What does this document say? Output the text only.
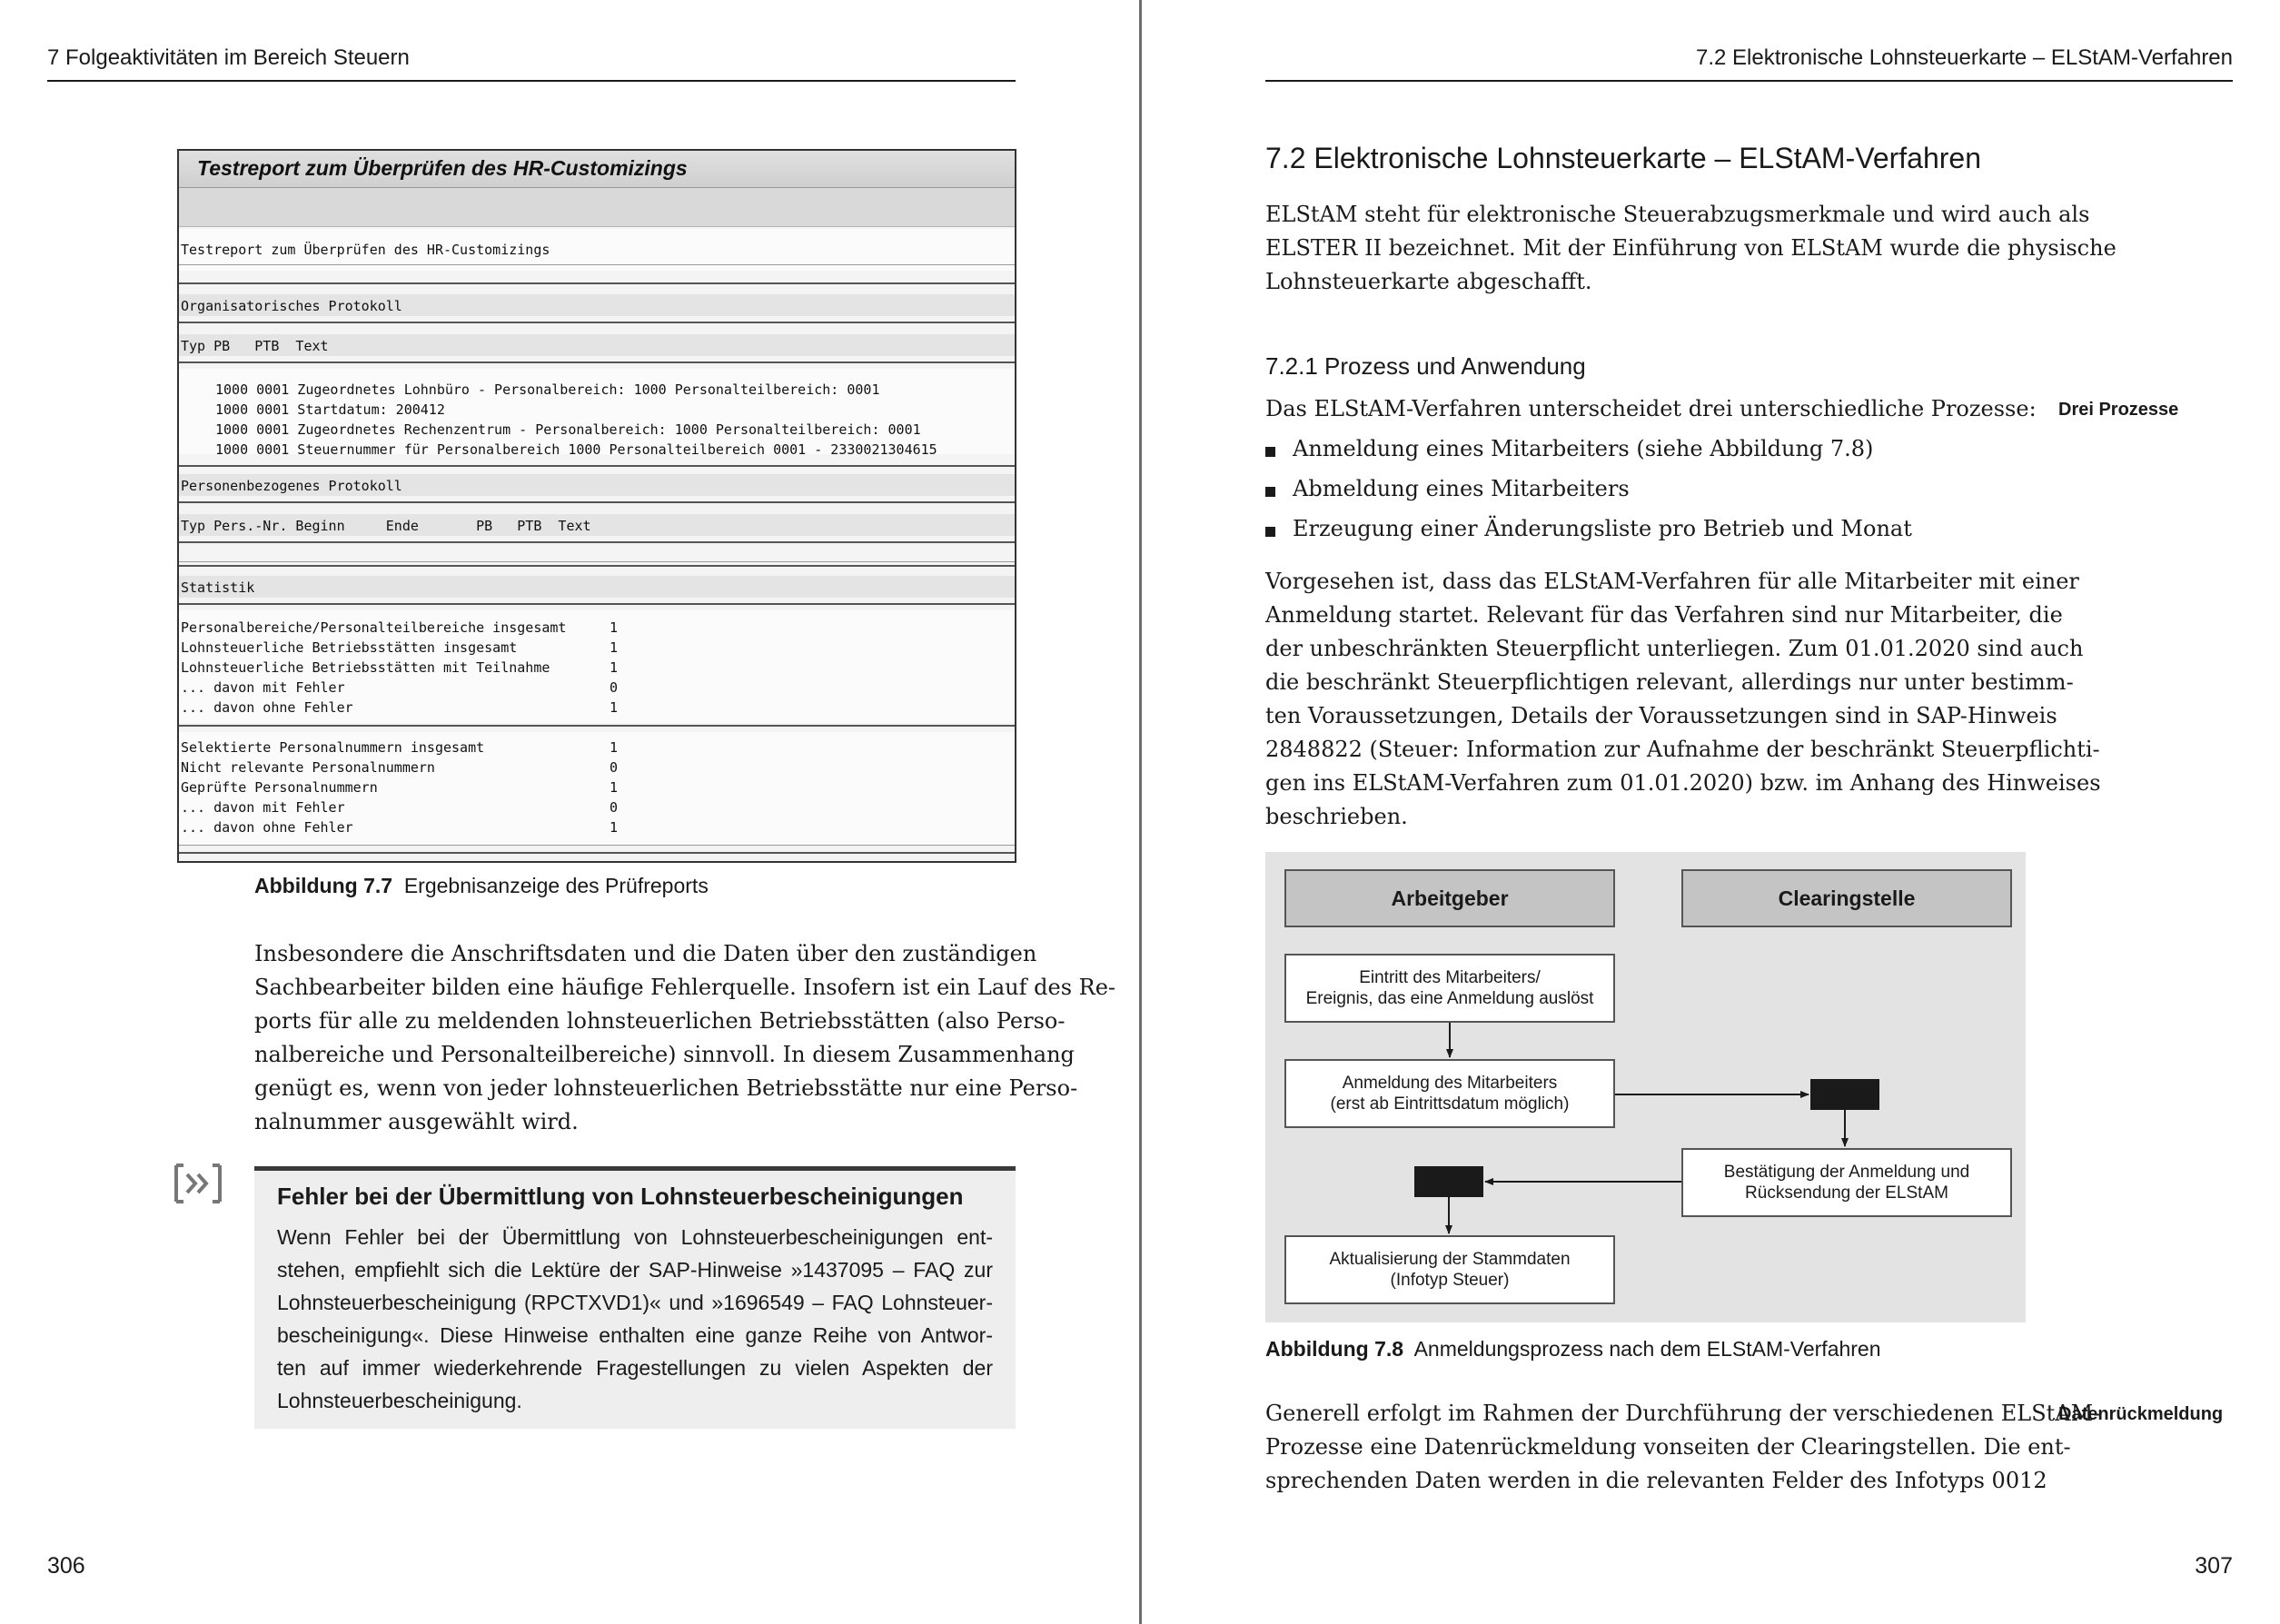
7 Folgeaktivitäten im Bereich Steuern
Testreport zum Überprüfen des HR-Customizings
Testreport zum Überprüfen des HR-Customizings
Organisatorisches Protokoll
Typ PB   PTB  Text
1000 0001 Zugeordnetes Lohnbüro - Personalbereich: 1000 Personalteilbereich: 0001
1000 0001 Startdatum: 200412
1000 0001 Zugeordnetes Rechenzentrum - Personalbereich: 1000 Personalteilbereich: 0001
1000 0001 Steuernummer für Personalbereich 1000 Personalteilbereich 0001 - 2330021304615
Personenbezogenes Protokoll
Typ Pers.-Nr. Beginn     Ende       PB   PTB  Text
Statistik
Personalbereiche/Personalteilbereiche insgesamt	1
Lohnsteuerliche Betriebsstätten insgesamt	1
Lohnsteuerliche Betriebsstätten mit Teilnahme	1
... davon mit Fehler	0
... davon ohne Fehler	1
Selektierte Personalnummern insgesamt	1
Nicht relevante Personalnummern	0
Geprüfte Personalnummern	1
... davon mit Fehler	0
... davon ohne Fehler	1
Abbildung 7.7 Ergebnisanzeige des Prüfreports
Insbesondere die Anschriftsdaten und die Daten über den zuständigen
Sachbearbeiter bilden eine häufige Fehlerquelle. Insofern ist ein Lauf des Re-
ports für alle zu meldenden lohnsteuerlichen Betriebsstätten (also Perso-
nalbereiche und Personalteilbereiche) sinnvoll. In diesem Zusammenhang
genügt es, wenn von jeder lohnsteuerlichen Betriebsstätte nur eine Perso-
nalnummer ausgewählt wird.
Fehler bei der Übermittlung von Lohnsteuerbescheinigungen
Wenn Fehler bei der Übermittlung von Lohnsteuerbescheinigungen ent-
stehen, empfiehlt sich die Lektüre der SAP-Hinweise »1437095 – FAQ zur
Lohnsteuerbescheinigung (RPCTXVD1)« und »1696549 – FAQ Lohnsteuer-
bescheinigung«. Diese Hinweise enthalten eine ganze Reihe von Antwor-
ten auf immer wiederkehrende Fragestellungen zu vielen Aspekten der
Lohnsteuerbescheinigung.
306
7.2 Elektronische Lohnsteuerkarte – ELStAM-Verfahren
7.2 Elektronische Lohnsteuerkarte – ELStAM-Verfahren
ELStAM steht für elektronische Steuerabzugsmerkmale und wird auch als
ELSTER II bezeichnet. Mit der Einführung von ELStAM wurde die physische
Lohnsteuerkarte abgeschafft.
7.2.1 Prozess und Anwendung
Das ELStAM-Verfahren unterscheidet drei unterschiedliche Prozesse: Drei Prozesse
Anmeldung eines Mitarbeiters (siehe Abbildung 7.8)
Abmeldung eines Mitarbeiters
Erzeugung einer Änderungsliste pro Betrieb und Monat
Vorgesehen ist, dass das ELStAM-Verfahren für alle Mitarbeiter mit einer
Anmeldung startet. Relevant für das Verfahren sind nur Mitarbeiter, die
der unbeschränkten Steuerpflicht unterliegen. Zum 01.01.2020 sind auch
die beschränkt Steuerpflichtigen relevant, allerdings nur unter bestimm-
ten Voraussetzungen, Details der Voraussetzungen sind in SAP-Hinweis
2848822 (Steuer: Information zur Aufnahme der beschränkt Steuerpflichti-
gen ins ELStAM-Verfahren zum 01.01.2020) bzw. im Anhang des Hinweises
beschrieben.
Arbeitgeber	Clearingstelle
Eintritt des Mitarbeiters/
Ereignis, das eine Anmeldung auslöst
Anmeldung des Mitarbeiters
(erst ab Eintrittsdatum möglich)
Bestätigung der Anmeldung und
Rücksendung der ELStAM
Aktualisierung der Stammdaten
(Infotyp Steuer)
Abbildung 7.8 Anmeldungsprozess nach dem ELStAM-Verfahren
Generell erfolgt im Rahmen der Durchführung der verschiedenen ELStAM-
Prozesse eine Datenrückmeldung vonseiten der Clearingstellen. Die ent-
sprechenden Daten werden in die relevanten Felder des Infotyps 0012
Datenrückmeldung
307
